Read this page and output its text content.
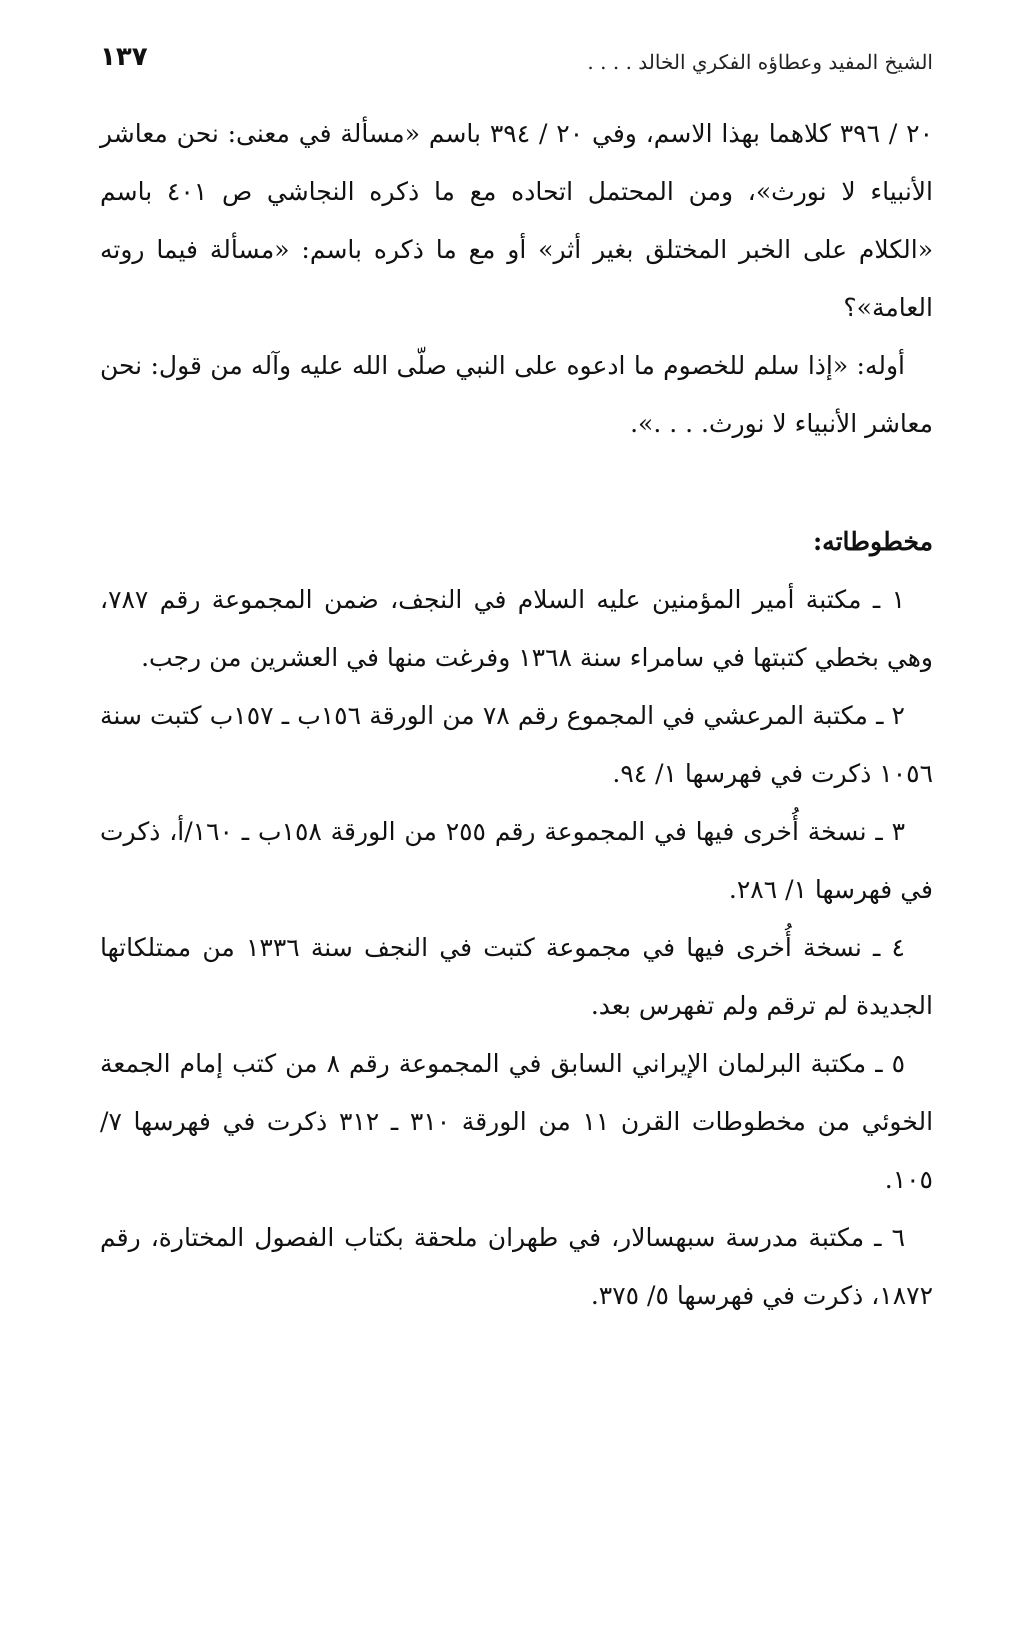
الشيخ المفيد وعطاؤه الفكري الخالد . . . .
١٣٧

٢٠ / ٣٩٦ كلاهما بهذا الاسم، وفي ٢٠ / ٣٩٤ باسم «مسألة في معنى: نحن معاشر الأنبياء لا نورث»، ومن المحتمل اتحاده مع ما ذكره النجاشي ص ٤٠١ باسم «الكلام على الخبر المختلق بغير أثر» أو مع ما ذكره باسم: «مسألة فيما روته العامة»؟

أوله: «إذا سلم للخصوم ما ادعوه على النبي صلّى الله عليه وآله من قول: نحن معاشر الأنبياء لا نورث. . . .».

مخطوطاته:

١ ـ مكتبة أمير المؤمنين عليه السلام في النجف، ضمن المجموعة رقم ٧٨٧، وهي بخطي كتبتها في سامراء سنة ١٣٦٨ وفرغت منها في العشرين من رجب.

٢ ـ مكتبة المرعشي في المجموع رقم ٧٨ من الورقة ١٥٦ب ـ ١٥٧ب كتبت سنة ١٠٥٦ ذكرت في فهرسها ١/ ٩٤.

٣ ـ نسخة أُخرى فيها في المجموعة رقم ٢٥٥ من الورقة ١٥٨ب ـ ١٦٠/أ، ذكرت في فهرسها ١/ ٢٨٦.

٤ ـ نسخة أُخرى فيها في مجموعة كتبت في النجف سنة ١٣٣٦ من ممتلكاتها الجديدة لم ترقم ولم تفهرس بعد.

٥ ـ مكتبة البرلمان الإيراني السابق في المجموعة رقم ٨ من كتب إمام الجمعة الخوئي من مخطوطات القرن ١١ من الورقة ٣١٠ ـ ٣١٢ ذكرت في فهرسها ٧/ ١٠٥.

٦ ـ مكتبة مدرسة سبهسالار، في طهران ملحقة بكتاب الفصول المختارة، رقم ١٨٧٢، ذكرت في فهرسها ٥/ ٣٧٥.
